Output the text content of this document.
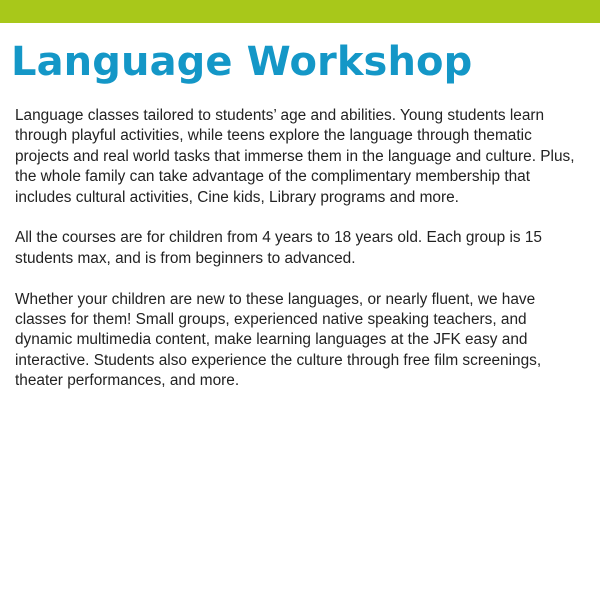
Language Workshop

Language classes tailored to students’ age and abilities. Young students learn through playful activities, while teens explore the language through thematic projects and real world tasks that immerse them in the language and culture. Plus, the whole family can take advantage of the complimentary membership that includes cultural activities, Cine kids, Library programs and more.

All the courses are for children from 4 years to 18 years old. Each group is 15 students max, and is from beginners to advanced.

Whether your children are new to these languages, or nearly fluent, we have classes for them! Small groups, experienced native speaking teachers, and dynamic multimedia content, make learning languages at the JFK easy and interactive. Students also experience the culture through free film screenings, theater performances, and more.
